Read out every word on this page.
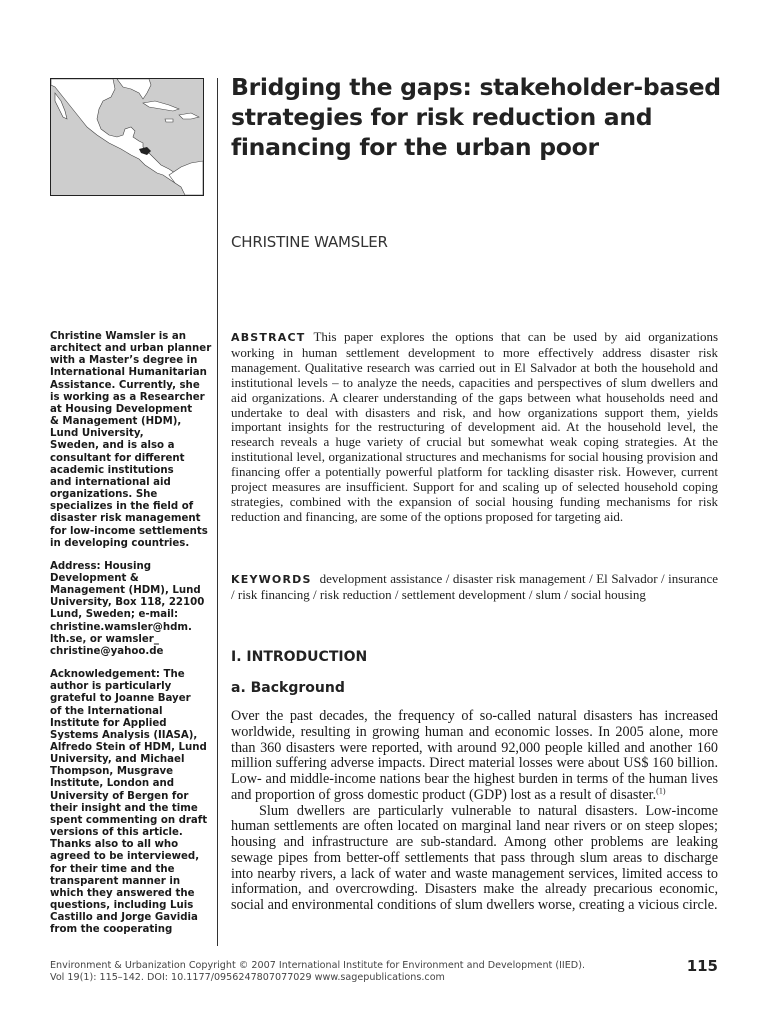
Bridging the gaps: stakeholder-based strategies for risk reduction and financing for the urban poor

CHRISTINE WAMSLER

Christine Wamsler is an
architect and urban planner
with a Master’s degree in
International Humanitarian
Assistance. Currently, she
is working as a Researcher
at Housing Development
& Management (HDM),
Lund University,
Sweden, and is also a
consultant for different
academic institutions
and international aid
organizations. She
specializes in the field of
disaster risk management
for low-income settlements
in developing countries.

Address: Housing
Development &
Management (HDM), Lund
University, Box 118, 22100
Lund, Sweden; e-mail:
christine.wamsler@hdm.
lth.se, or wamsler_
christine@yahoo.de

Acknowledgement: The
author is particularly
grateful to Joanne Bayer
of the International
Institute for Applied
Systems Analysis (IIASA),
Alfredo Stein of HDM, Lund
University, and Michael
Thompson, Musgrave
Institute, London and
University of Bergen for
their insight and the time
spent commenting on draft
versions of this article.
Thanks also to all who
agreed to be interviewed,
for their time and the
transparent manner in
which they answered the
questions, including Luis
Castillo and Jorge Gavidia
from the cooperating

ABSTRACT This paper explores the options that can be used by aid organizations working in human settlement development to more effectively address disaster risk management. Qualitative research was carried out in El Salvador at both the household and institutional levels – to analyze the needs, capacities and perspectives of slum dwellers and aid organizations. A clearer understanding of the gaps between what households need and undertake to deal with disasters and risk, and how organizations support them, yields important insights for the restructuring of development aid. At the household level, the research reveals a huge variety of crucial but somewhat weak coping strategies. At the institutional level, organizational structures and mechanisms for social housing provision and financing offer a potentially powerful platform for tackling disaster risk. However, current project measures are insufficient. Support for and scaling up of selected household coping strategies, combined with the expansion of social housing funding mechanisms for risk reduction and financing, are some of the options proposed for targeting aid.

KEYWORDS development assistance / disaster risk management / El Salvador / insurance / risk financing / risk reduction / settlement development / slum / social housing

I. INTRODUCTION
a. Background

Over the past decades, the frequency of so-called natural disasters has increased worldwide, resulting in growing human and economic losses. In 2005 alone, more than 360 disasters were reported, with around 92,000 people killed and another 160 million suffering adverse impacts. Direct material losses were about US$ 160 billion. Low- and middle-income nations bear the highest burden in terms of the human lives and proportion of gross domestic product (GDP) lost as a result of disaster.$^{(1)}$

Slum dwellers are particularly vulnerable to natural disasters. Low-income human settlements are often located on marginal land near rivers or on steep slopes; housing and infrastructure are sub-standard. Among other problems are leaking sewage pipes from better-off settlements that pass through slum areas to discharge into nearby rivers, a lack of water and waste management services, limited access to information, and overcrowding. Disasters make the already precarious economic, social and environmental conditions of slum dwellers worse, creating a vicious circle.

Environment & Urbanization Copyright © 2007 International Institute for Environment and Development (IIED).
Vol 19(1): 115–142. DOI: 10.1177/0956247807077029 www.sagepublications.com
115
